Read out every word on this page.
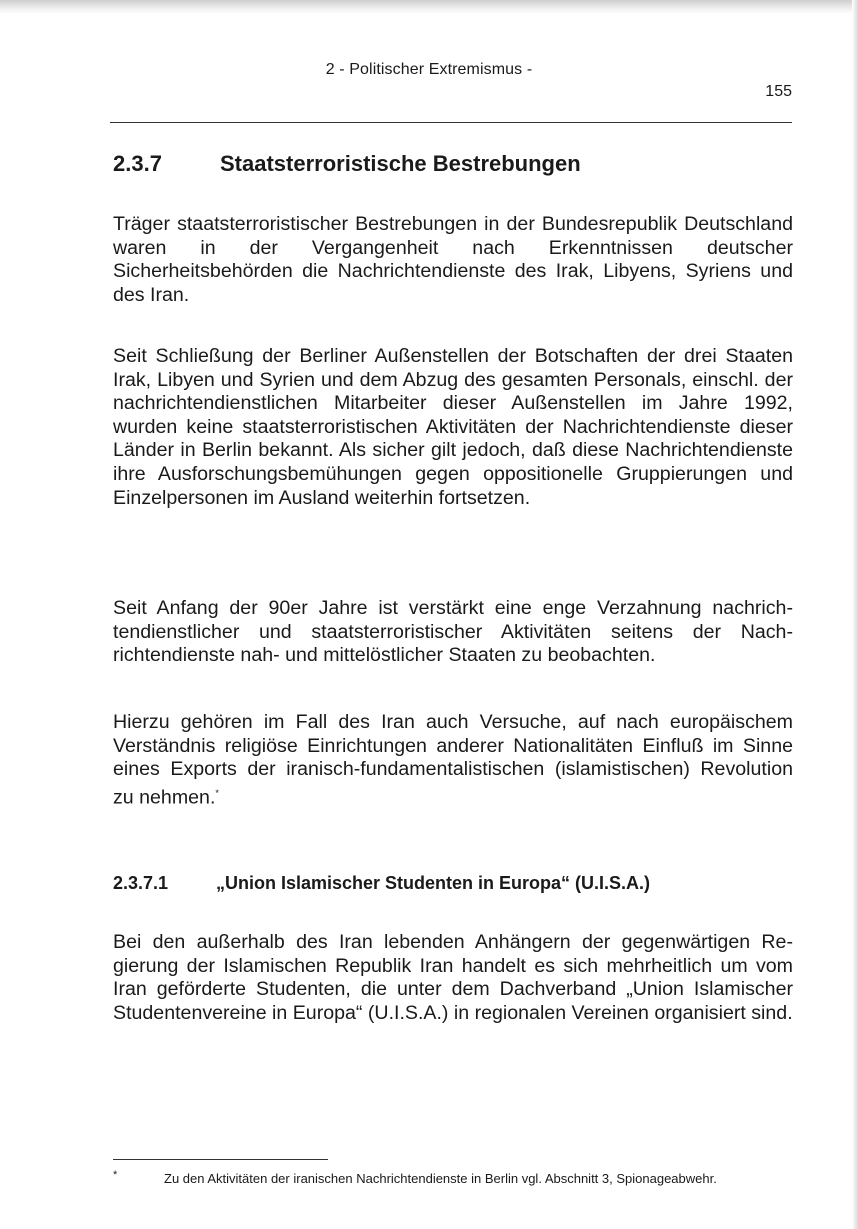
2 - Politischer Extremismus -
155
2.3.7	Staatsterroristische Bestrebungen

Träger staatsterroristischer Bestrebungen in der Bundesrepublik Deutschland waren in der Vergangenheit nach Erkenntnissen deutscher Sicherheitsbehörden die Nachrichtendienste des Irak, Libyens, Syriens und des Iran.

Seit Schließung der Berliner Außenstellen der Botschaften der drei Staaten Irak, Libyen und Syrien und dem Abzug des gesamten Personals, einschl. der nachrichtendienstlichen Mitarbeiter dieser Außenstellen im Jahre 1992, wurden keine staatsterroristischen Aktivitäten der Nachrichtendienste dieser Länder in Berlin bekannt. Als sicher gilt jedoch, daß diese Nachrichtendienste ihre Ausforschungsbemühungen gegen oppositionelle Gruppierungen und Einzelpersonen im Ausland weiterhin fortsetzen.

Seit Anfang der 90er Jahre ist verstärkt eine enge Verzahnung nachrichtendienstlicher und staatsterroristischer Aktivitäten seitens der Nachrichtendienste nah- und mittelöstlicher Staaten zu beobachten.

Hierzu gehören im Fall des Iran auch Versuche, auf nach europäischem Verständnis religiöse Einrichtungen anderer Nationalitäten Einfluß im Sinne eines Exports der iranisch-fundamentalistischen (islamistischen) Revolution zu nehmen.*

2.3.7.1	„Union Islamischer Studenten in Europa“ (U.I.S.A.)

Bei den außerhalb des Iran lebenden Anhängern der gegenwärtigen Regierung der Islamischen Republik Iran handelt es sich mehrheitlich um vom Iran geförderte Studenten, die unter dem Dachverband „Union Islamischer Studentenvereine in Europa“ (U.I.S.A.) in regionalen Vereinen organisiert sind.

*	Zu den Aktivitäten der iranischen Nachrichtendienste in Berlin vgl. Abschnitt 3, Spionageabwehr.
